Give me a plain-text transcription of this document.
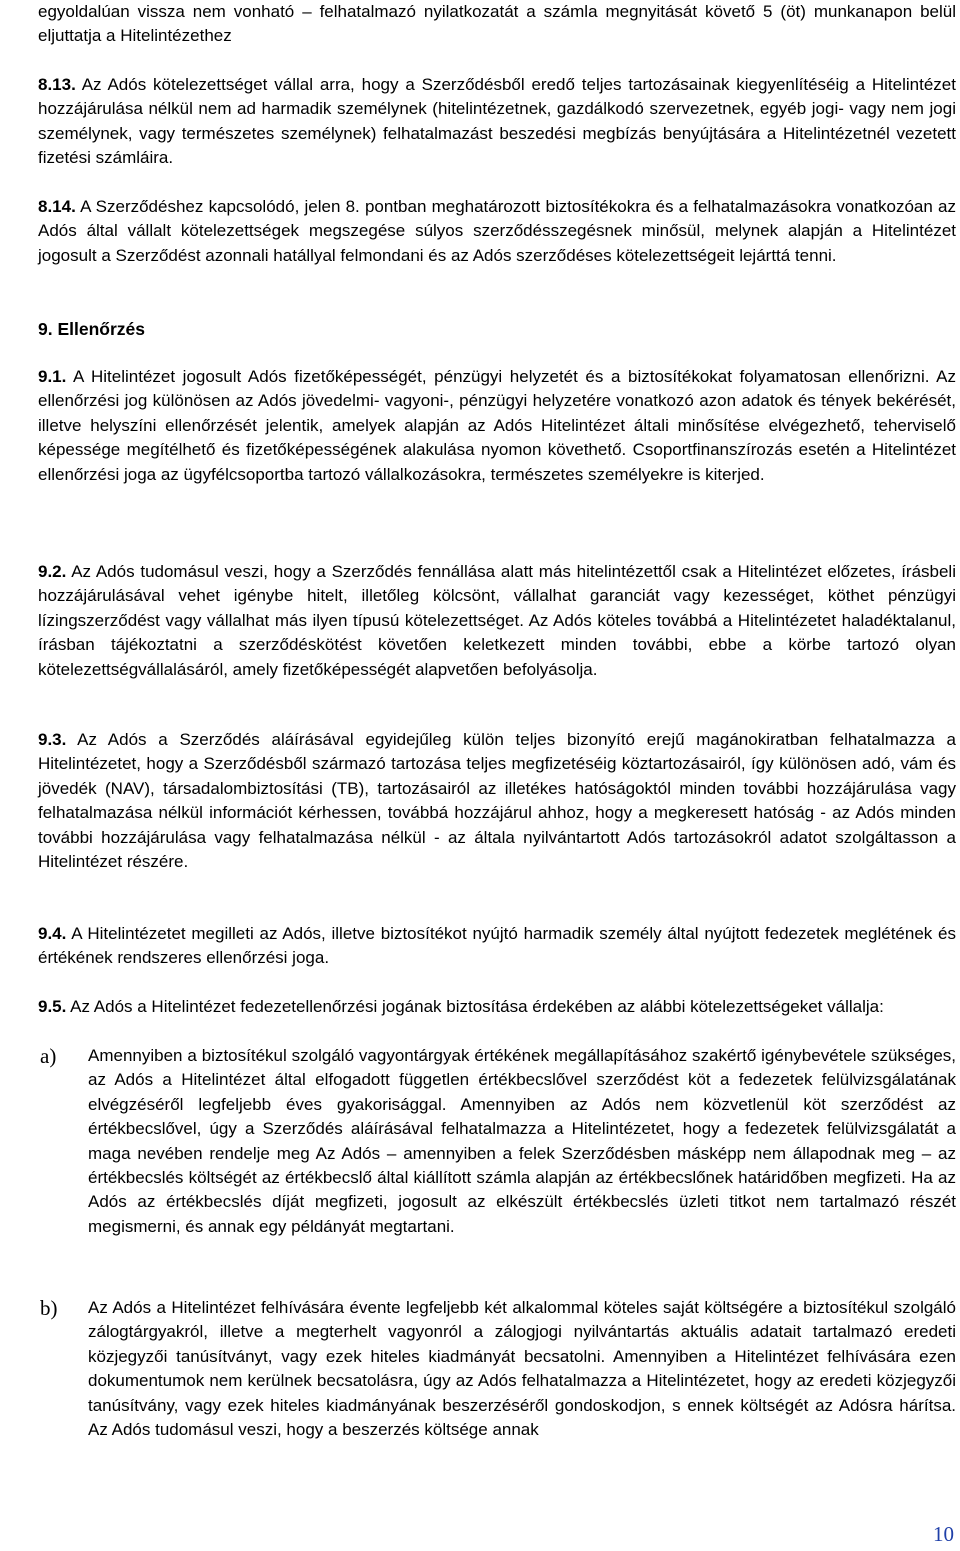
egyoldalúan vissza nem vonható – felhatalmazó nyilatkozatát a számla megnyitását követő 5 (öt) munkanapon belül eljuttatja a Hitelintézethez

8.13. Az Adós kötelezettséget vállal arra, hogy a Szerződésből eredő teljes tartozásainak kiegyenlítéséig a Hitelintézet hozzájárulása nélkül nem ad harmadik személynek (hitelintézetnek, gazdálkodó szervezetnek, egyéb jogi- vagy nem jogi személynek, vagy természetes személynek) felhatalmazást beszedési megbízás benyújtására a Hitelintézetnél vezetett fizetési számláira.

8.14. A Szerződéshez kapcsolódó, jelen 8. pontban meghatározott biztosítékokra és a felhatalmazásokra vonatkozóan az Adós által vállalt kötelezettségek megszegése súlyos szerződésszegésnek minősül, melynek alapján a Hitelintézet jogosult a Szerződést azonnali hatállyal felmondani és az Adós szerződéses kötelezettségeit lejárttá tenni.

9. Ellenőrzés

9.1. A Hitelintézet jogosult Adós fizetőképességét, pénzügyi helyzetét és a biztosítékokat folyamatosan ellenőrizni. Az ellenőrzési jog különösen az Adós jövedelmi- vagyoni-, pénzügyi helyzetére vonatkozó azon adatok és tények bekérését, illetve helyszíni ellenőrzését jelentik, amelyek alapján az Adós Hitelintézet általi minősítése elvégezhető, teherviselő képessége megítélhető és fizetőképességének alakulása nyomon követhető. Csoportfinanszírozás esetén a Hitelintézet ellenőrzési joga az ügyfélcsoportba tartozó vállalkozásokra, természetes személyekre is kiterjed.

9.2. Az Adós tudomásul veszi, hogy a Szerződés fennállása alatt más hitelintézettől csak a Hitelintézet előzetes, írásbeli hozzájárulásával vehet igénybe hitelt, illetőleg kölcsönt, vállalhat garanciát vagy kezességet, köthet pénzügyi lízingszerződést vagy vállalhat más ilyen típusú kötelezettséget. Az Adós köteles továbbá a Hitelintézetet haladéktalanul, írásban tájékoztatni a szerződéskötést követően keletkezett minden további, ebbe a körbe tartozó olyan kötelezettségvállalásáról, amely fizetőképességét alapvetően befolyásolja.

9.3. Az Adós a Szerződés aláírásával egyidejűleg külön teljes bizonyító erejű magánokiratban felhatalmazza a Hitelintézetet, hogy a Szerződésből származó tartozása teljes megfizetéséig köztartozásairól, így különösen adó, vám és jövedék (NAV), társadalombiztosítási (TB), tartozásairól az illetékes hatóságoktól minden további hozzájárulása vagy felhatalmazása nélkül információt kérhessen, továbbá hozzájárul ahhoz, hogy a megkeresett hatóság - az Adós minden további hozzájárulása vagy felhatalmazása nélkül - az általa nyilvántartott Adós tartozásokról adatot szolgáltasson a Hitelintézet részére.

9.4. A Hitelintézetet megilleti az Adós, illetve biztosítékot nyújtó harmadik személy által nyújtott fedezetek meglétének és értékének rendszeres ellenőrzési joga.

9.5. Az Adós a Hitelintézet fedezetellenőrzési jogának biztosítása érdekében az alábbi kötelezettségeket vállalja:

a) Amennyiben a biztosítékul szolgáló vagyontárgyak értékének megállapításához szakértő igénybevétele szükséges, az Adós a Hitelintézet által elfogadott független értékbecslővel szerződést köt a fedezetek felülvizsgálatának elvégzéséről legfeljebb éves gyakorisággal. Amennyiben az Adós nem közvetlenül köt szerződést az értékbecslővel, úgy a Szerződés aláírásával felhatalmazza a Hitelintézetet, hogy a fedezetek felülvizsgálatát a maga nevében rendelje meg Az Adós – amennyiben a felek Szerződésben másképp nem állapodnak meg – az értékbecslés költségét az értékbecslő által kiállított számla alapján az értékbecslőnek határidőben megfizeti. Ha az Adós az értékbecslés díját megfizeti, jogosult az elkészült értékbecslés üzleti titkot nem tartalmazó részét megismerni, és annak egy példányát megtartani.

b) Az Adós a Hitelintézet felhívására évente legfeljebb két alkalommal köteles saját költségére a biztosítékul szolgáló zálogtárgyakról, illetve a megterhelt vagyonról a zálogjogi nyilvántartás aktuális adatait tartalmazó eredeti közjegyzői tanúsítványt, vagy ezek hiteles kiadmányát becsatolni. Amennyiben a Hitelintézet felhívására ezen dokumentumok nem kerülnek becsatolásra, úgy az Adós felhatalmazza a Hitelintézetet, hogy az eredeti közjegyzői tanúsítvány, vagy ezek hiteles kiadmányának beszerzéséről gondoskodjon, s ennek költségét az Adósra hárítsa. Az Adós tudomásul veszi, hogy a beszerzés költsége annak

10
